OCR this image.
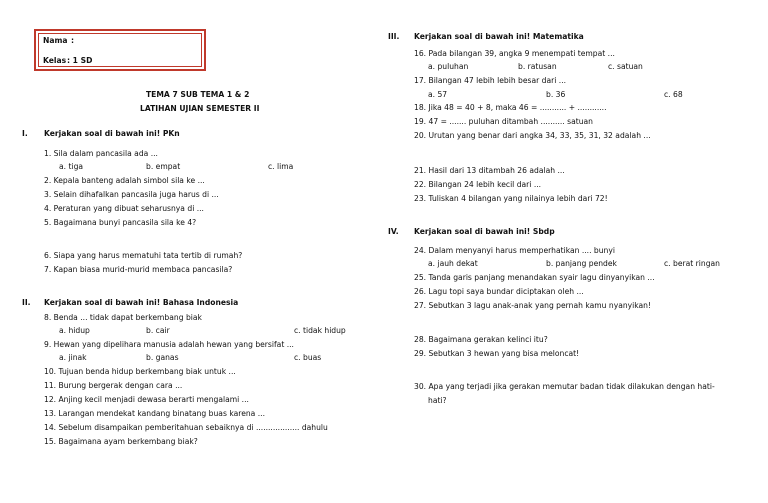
Nama :
Kelas : 1 SD
TEMA 7 SUB TEMA 1 & 2
LATIHAN UJIAN SEMESTER II
I. Kerjakan soal di bawah ini! PKn
1. Sila dalam pancasila ada ...
a. tiga	b. empat	c. lima
2. Kepala banteng adalah simbol sila ke ...
3. Selain dihafalkan pancasila juga harus di ...
4. Peraturan yang dibuat seharusnya di ...
5. Bagaimana bunyi pancasila sila ke 4?
6. Siapa yang harus mematuhi tata tertib di rumah?
7. Kapan biasa murid-murid membaca pancasila?
II. Kerjakan soal di bawah ini! Bahasa Indonesia
8. Benda ... tidak dapat berkembang biak
a. hidup	b. cair	c. tidak hidup
9. Hewan yang dipelihara manusia adalah hewan yang bersifat ...
a. jinak	b. ganas	c. buas
10. Tujuan benda hidup berkembang biak untuk ...
11. Burung bergerak dengan cara ...
12. Anjing kecil menjadi dewasa berarti mengalami ...
13. Larangan mendekat kandang binatang buas karena ...
14. Sebelum disampaikan pemberitahuan sebaiknya di .................. dahulu
15. Bagaimana ayam berkembang biak?
III. Kerjakan soal di bawah ini! Matematika
16. Pada bilangan 39, angka 9 menempati tempat ...
a. puluhan	b. ratusan	c. satuan
17. Bilangan 47 lebih lebih besar dari ...
a. 57	b. 36	c. 68
18. Jika 48 = 40 + 8, maka 46 = ........... + ............
19. 47 = ....... puluhan ditambah .......... satuan
20. Urutan yang benar dari angka 34, 33, 35, 31, 32 adalah ...
21. Hasil dari 13 ditambah 26 adalah ...
22. Bilangan 24 lebih kecil dari ...
23. Tuliskan 4 bilangan yang nilainya lebih dari 72!
IV. Kerjakan soal di bawah ini! Sbdp
24. Dalam menyanyi harus memperhatikan .... bunyi
a. jauh dekat	b. panjang pendek	c. berat ringan
25. Tanda garis panjang menandakan syair lagu dinyanyikan ...
26. Lagu topi saya bundar diciptakan oleh ...
27. Sebutkan 3 lagu anak-anak yang pernah kamu nyanyikan!
28. Bagaimana gerakan kelinci itu?
29. Sebutkan 3 hewan yang bisa meloncat!
30. Apa yang terjadi jika gerakan memutar badan tidak dilakukan dengan hati-
hati?
